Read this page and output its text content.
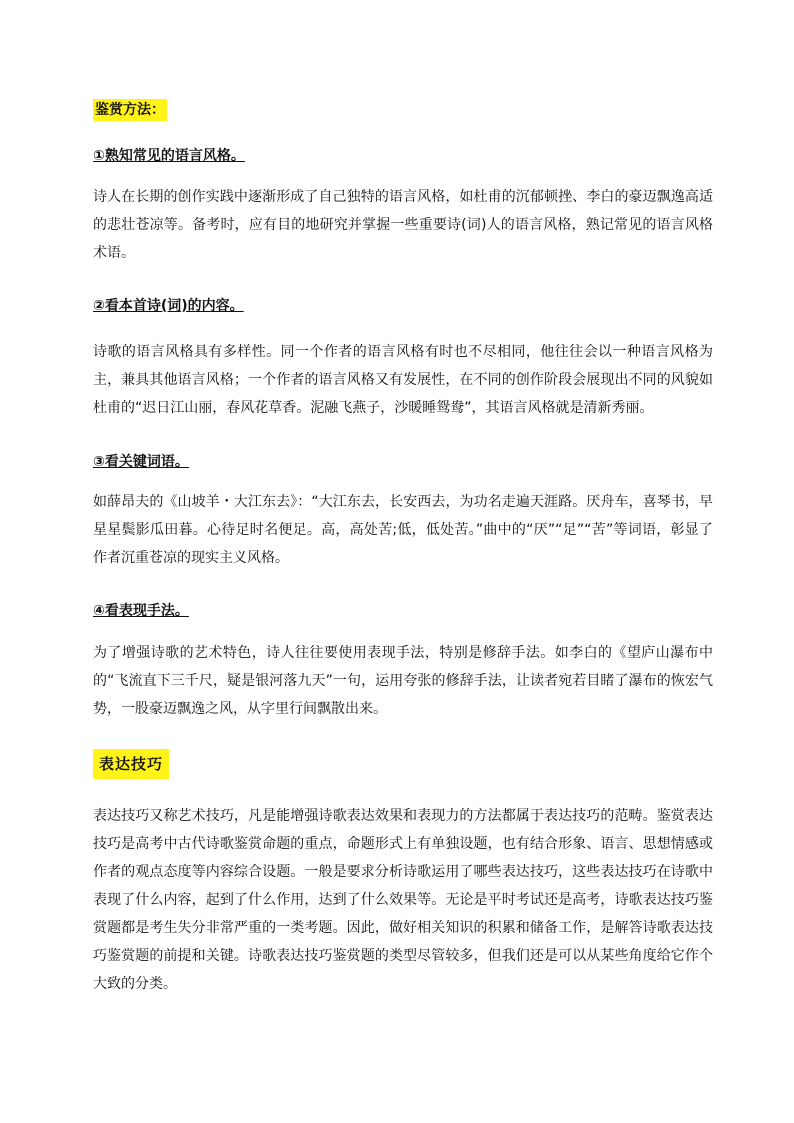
鉴赏方法：

①熟知常见的语言风格。

诗人在长期的创作实践中逐渐形成了自己独特的语言风格，如杜甫的沉郁顿挫、李白的豪迈飘逸高适的悲壮苍凉等。备考时，应有目的地研究并掌握一些重要诗(词)人的语言风格，熟记常见的语言风格术语。

②看本首诗(词)的内容。

诗歌的语言风格具有多样性。同一个作者的语言风格有时也不尽相同，他往往会以一种语言风格为主，兼具其他语言风格；一个作者的语言风格又有发展性，在不同的创作阶段会展现出不同的风貌如杜甫的“迟日江山丽，春风花草香。泥融飞燕子，沙暖睡鸳鸯”，其语言风格就是清新秀丽。

③看关键词语。

如薛昂夫的《山坡羊・大江东去》：“大江东去，长安西去，为功名走遍天涯路。厌舟车，喜琴书，早星星鬓影瓜田暮。心待足时名便足。高，高处苦;低，低处苦。”曲中的“厌”“足”“苦”等词语，彰显了作者沉重苍凉的现实主义风格。

④看表现手法。

为了增强诗歌的艺术特色，诗人往往要使用表现手法，特别是修辞手法。如李白的《望庐山瀑布中的“飞流直下三千尺，疑是银河落九天”一句，运用夸张的修辞手法，让读者宛若目睹了瀑布的恢宏气势，一股豪迈飘逸之风，从字里行间飘散出来。

表达技巧

表达技巧又称艺术技巧，凡是能增强诗歌表达效果和表现力的方法都属于表达技巧的范畴。鉴赏表达技巧是高考中古代诗歌鉴赏命题的重点，命题形式上有单独设题，也有结合形象、语言、思想情感或作者的观点态度等内容综合设题。一般是要求分析诗歌运用了哪些表达技巧，这些表达技巧在诗歌中表现了什么内容，起到了什么作用，达到了什么效果等。无论是平时考试还是高考，诗歌表达技巧鉴赏题都是考生失分非常严重的一类考题。因此，做好相关知识的积累和储备工作，是解答诗歌表达技巧鉴赏题的前提和关键。诗歌表达技巧鉴赏题的类型尽管较多，但我们还是可以从某些角度给它作个大致的分类。
